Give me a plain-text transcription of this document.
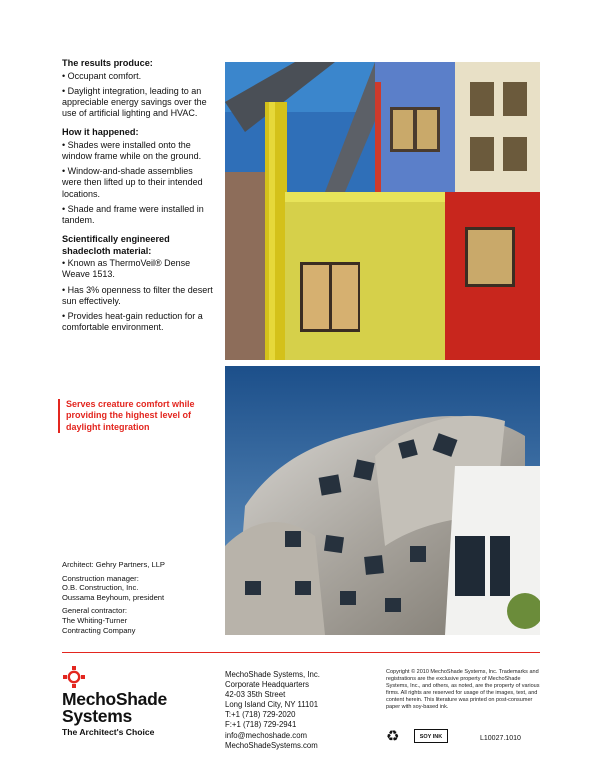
The results produce:
• Occupant comfort.
• Daylight integration, leading to an appreciable energy savings over the use of artificial lighting and HVAC.
How it happened:
• Shades were installed onto the window frame while on the ground.
• Window-and-shade assemblies were then lifted up to their intended locations.
• Shade and frame were installed in tandem.
Scientifically engineered shadecloth material:
• Known as ThermoVeil® Dense Weave 1513.
• Has 3% openness to filter the desert sun effectively.
• Provides heat-gain reduction for a comfortable environment.
Serves creature comfort while providing the highest level of daylight integration
Architect: Gehry Partners, LLP
Construction manager:
O.B. Construction, Inc.
Oussama Beyhoum, president
General contractor:
The Whiting-Turner
Contracting Company
MechoShade
Systems
The Architect's Choice
MechoShade Systems, Inc.
Corporate Headquarters
42-03 35th Street
Long Island City, NY 11101
T:+1 (718) 729-2020
F:+1 (718) 729-2941
info@mechoshade.com
MechoShadeSystems.com
Copyright © 2010 MechoShade Systems, Inc. Trademarks and registrations are the exclusive property of MechoShade Systems, Inc., and others, as noted, are the property of various firms. All rights are reserved for usage of the images, text, and content herein. This literature was printed on post-consumer paper with soy-based ink.
♻	SOY INK	L10027.1010
